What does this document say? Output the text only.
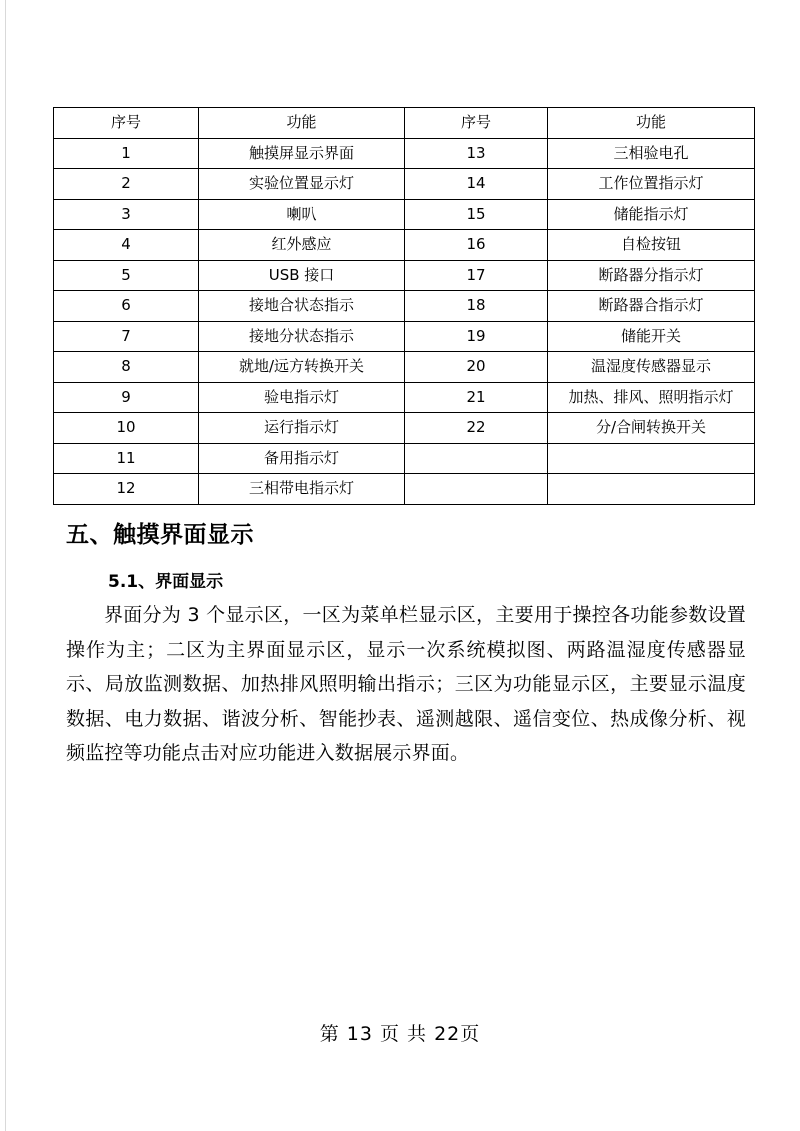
序号	功能	序号	功能
1	触摸屏显示界面	13	三相验电孔
2	实验位置显示灯	14	工作位置指示灯
3	喇叭	15	储能指示灯
4	红外感应	16	自检按钮
5	USB 接口	17	断路器分指示灯
6	接地合状态指示	18	断路器合指示灯
7	接地分状态指示	19	储能开关
8	就地/远方转换开关	20	温湿度传感器显示
9	验电指示灯	21	加热、排风、照明指示灯
10	运行指示灯	22	分/合闸转换开关
11	备用指示灯		
12	三相带电指示灯		
五、触摸界面显示
5.1、界面显示
界面分为 3 个显示区，一区为菜单栏显示区，主要用于操控各功能参数设置操作为主；二区为主界面显示区，显示一次系统模拟图、两路温湿度传感器显示、局放监测数据、加热排风照明输出指示；三区为功能显示区，主要显示温度数据、电力数据、谐波分析、智能抄表、遥测越限、遥信变位、热成像分析、视频监控等功能点击对应功能进入数据展示界面。
第 13 页 共 22页
